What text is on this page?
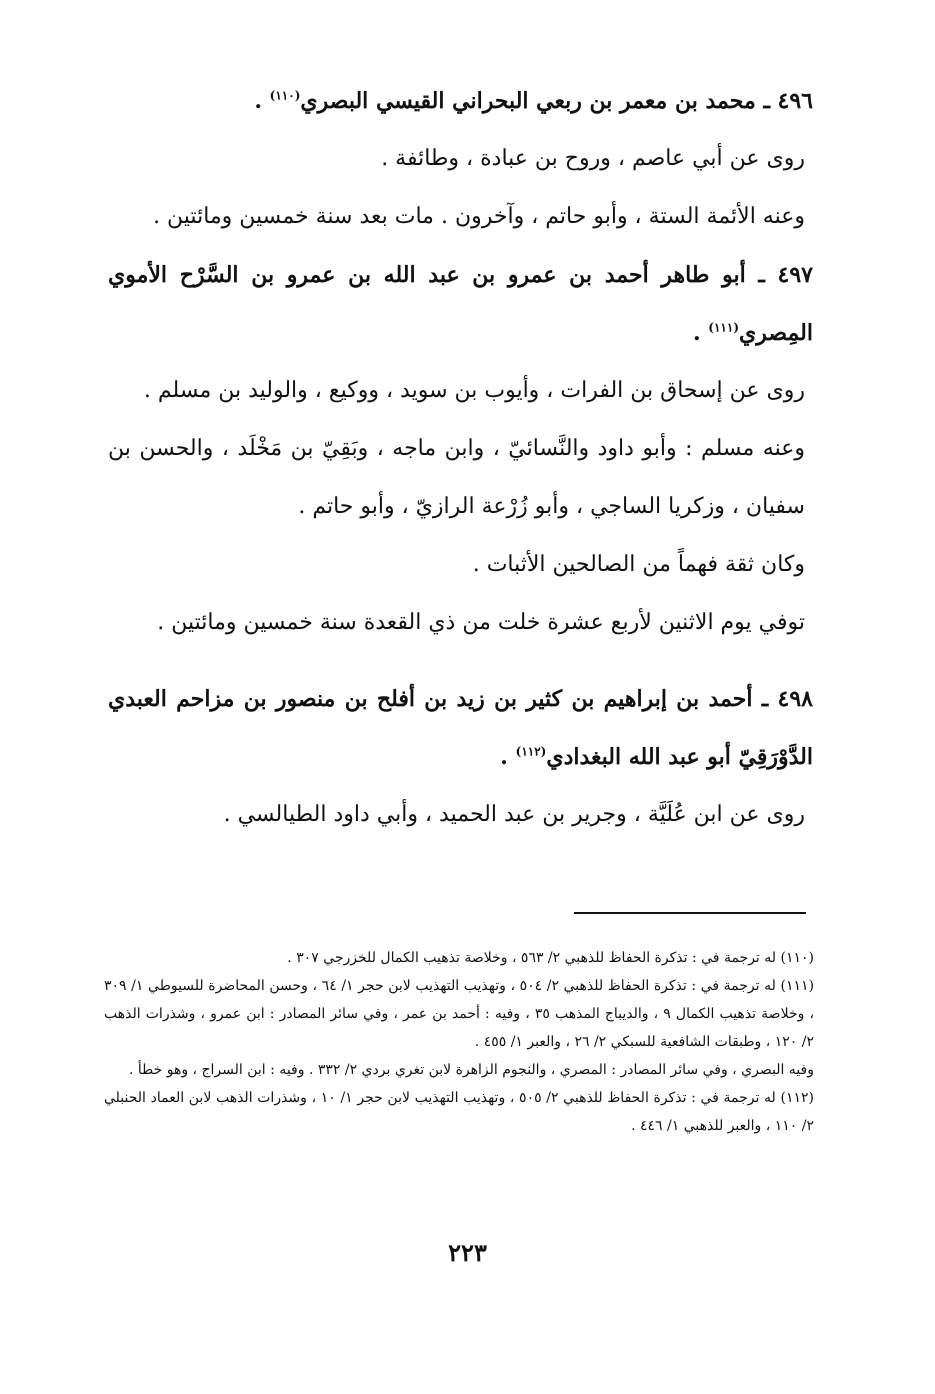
٤٩٦ ـ محمد بن معمر بن ربعي البحراني القيسي البصري$^{(١١٠)}$ .

روى عن أبي عاصم ، وروح بن عبادة ، وطائفة .

وعنه الأئمة الستة ، وأبو حاتم ، وآخرون . مات بعد سنة خمسين ومائتين .

٤٩٧ ـ أبو طاهر أحمد بن عمرو بن عبد الله بن عمرو بن السَّرْح الأموي المِصري$^{(١١١)}$ .

روى عن إسحاق بن الفرات ، وأيوب بن سويد ، ووكيع ، والوليد بن مسلم .

وعنه مسلم : وأبو داود والنَّسائيّ ، وابن ماجه ، وبَقِيّ بن مَخْلَد ، والحسن بن سفيان ، وزكريا الساجي ، وأبو زُرْعة الرازيّ ، وأبو حاتم .

وكان ثقة فهماً من الصالحين الأثبات .

توفي يوم الاثنين لأربع عشرة خلت من ذي القعدة سنة خمسين ومائتين .

٤٩٨ ـ أحمد بن إبراهيم بن كثير بن زيد بن أفلح بن منصور بن مزاحم العبدي الدَّوْرَقِيّ أبو عبد الله البغدادي$^{(١١٢)}$ .

روى عن ابن عُلَيَّة ، وجرير بن عبد الحميد ، وأبي داود الطيالسي .

(١١٠) له ترجمة في : تذكرة الحفاظ للذهبي ٢/ ٥٦٣ ، وخلاصة تذهيب الكمال للخزرجي ٣٠٧ .

(١١١) له ترجمة في : تذكرة الحفاظ للذهبي ٢/ ٥٠٤ ، وتهذيب التهذيب لابن حجر ١/ ٦٤ ، وحسن المحاضرة للسيوطي ١/ ٣٠٩ ، وخلاصة تذهيب الكمال ٩ ، والديباج المذهب ٣٥ ، وفيه : أحمد بن عمر ، وفي سائر المصادر : ابن عمرو ، وشذرات الذهب ٢/ ١٢٠ ، وطبقات الشافعية للسبكي ٢/ ٢٦ ، والعبر ١/ ٤٥٥ .

وفيه البصري ، وفي سائر المصادر : المصري ، والنجوم الزاهرة لابن تغري بردي ٢/ ٣٣٢ . وفيه : ابن السراج ، وهو خطأ .

(١١٢) له ترجمة في : تذكرة الحفاظ للذهبي ٢/ ٥٠٥ ، وتهذيب التهذيب لابن حجر ١/ ١٠ ، وشذرات الذهب لابن العماد الحنبلي ٢/ ١١٠ ، والعبر للذهبي ١/ ٤٤٦ .

٢٢٣
